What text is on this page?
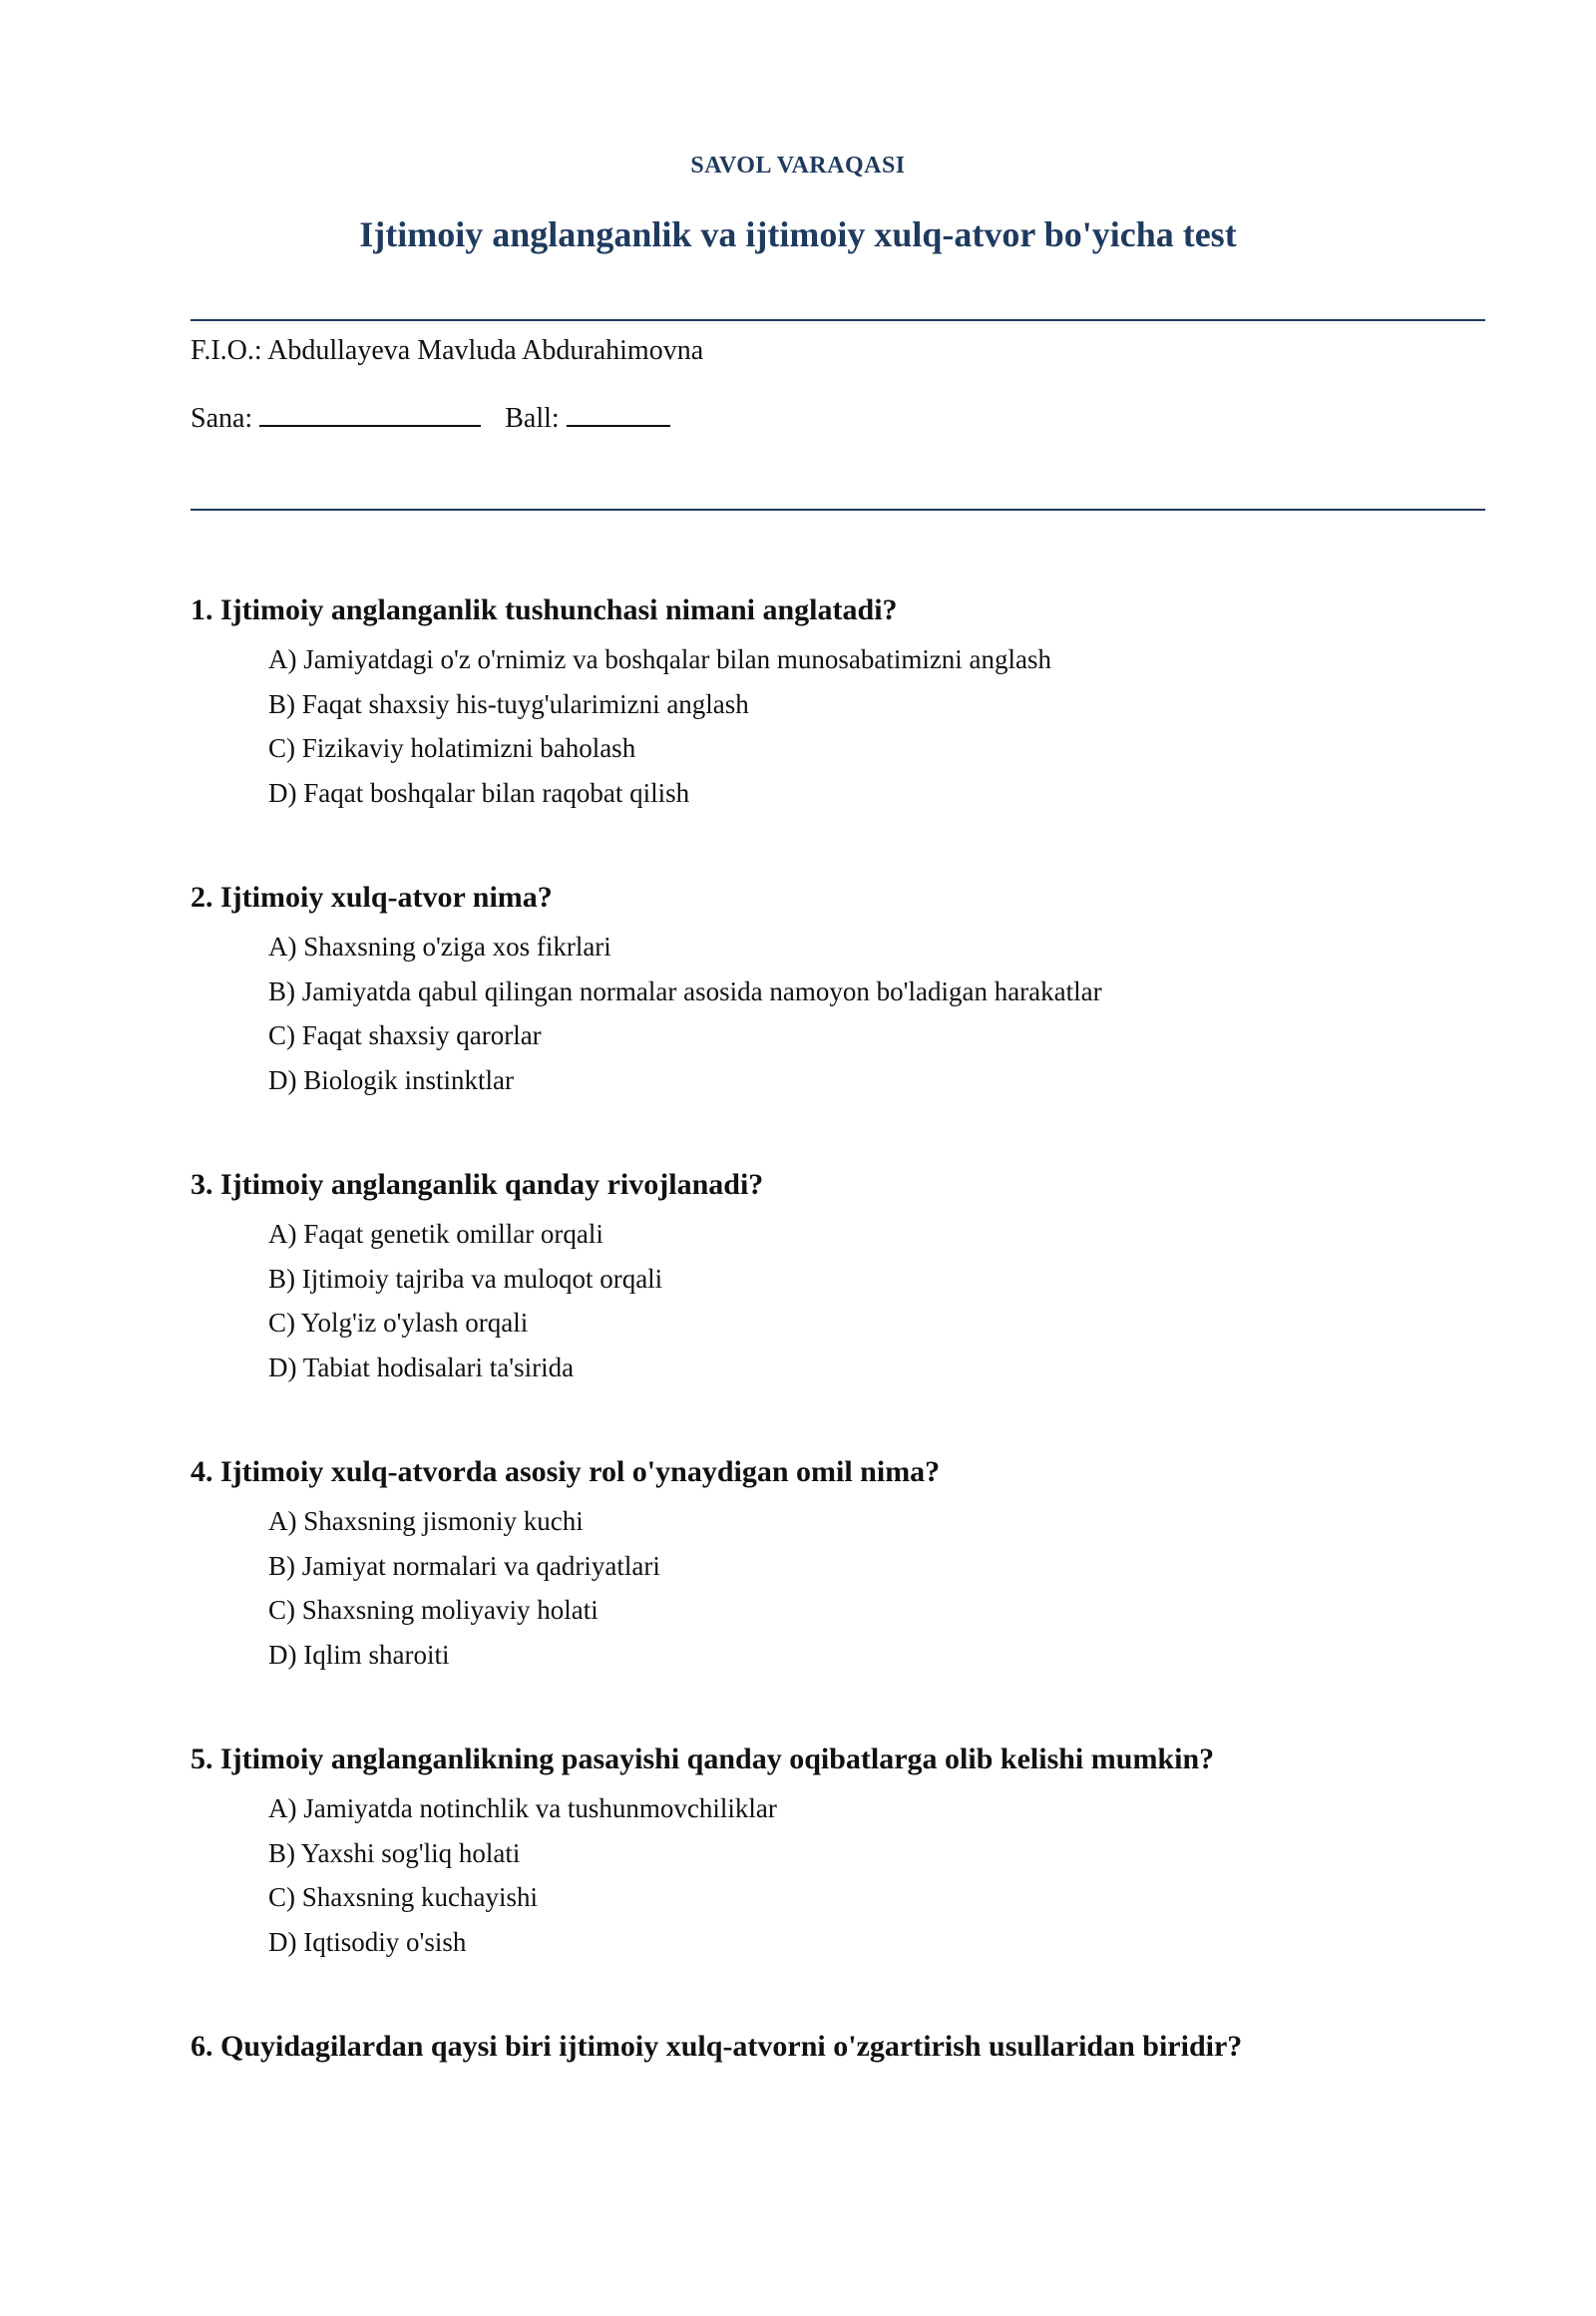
SAVOL VARAQASI
Ijtimoiy anglanganlik va ijtimoiy xulq-atvor bo'yicha test
F.I.O.: Abdullayeva Mavluda Abdurahimovna
Sana:	Ball:

1. Ijtimoiy anglanganlik tushunchasi nimani anglatadi?

A) Jamiyatdagi o'z o'rnimiz va boshqalar bilan munosabatimizni anglash
B) Faqat shaxsiy his-tuyg'ularimizni anglash
C) Fizikaviy holatimizni baholash
D) Faqat boshqalar bilan raqobat qilish

2. Ijtimoiy xulq-atvor nima?

A) Shaxsning o'ziga xos fikrlari
B) Jamiyatda qabul qilingan normalar asosida namoyon bo'ladigan harakatlar
C) Faqat shaxsiy qarorlar
D) Biologik instinktlar

3. Ijtimoiy anglanganlik qanday rivojlanadi?

A) Faqat genetik omillar orqali
B) Ijtimoiy tajriba va muloqot orqali
C) Yolg'iz o'ylash orqali
D) Tabiat hodisalari ta'sirida

4. Ijtimoiy xulq-atvorda asosiy rol o'ynaydigan omil nima?

A) Shaxsning jismoniy kuchi
B) Jamiyat normalari va qadriyatlari
C) Shaxsning moliyaviy holati
D) Iqlim sharoiti

5. Ijtimoiy anglanganlikning pasayishi qanday oqibatlarga olib kelishi mumkin?

A) Jamiyatda notinchlik va tushunmovchiliklar
B) Yaxshi sog'liq holati
C) Shaxsning kuchayishi
D) Iqtisodiy o'sish

6. Quyidagilardan qaysi biri ijtimoiy xulq-atvorni o'zgartirish usullaridan biridir?
